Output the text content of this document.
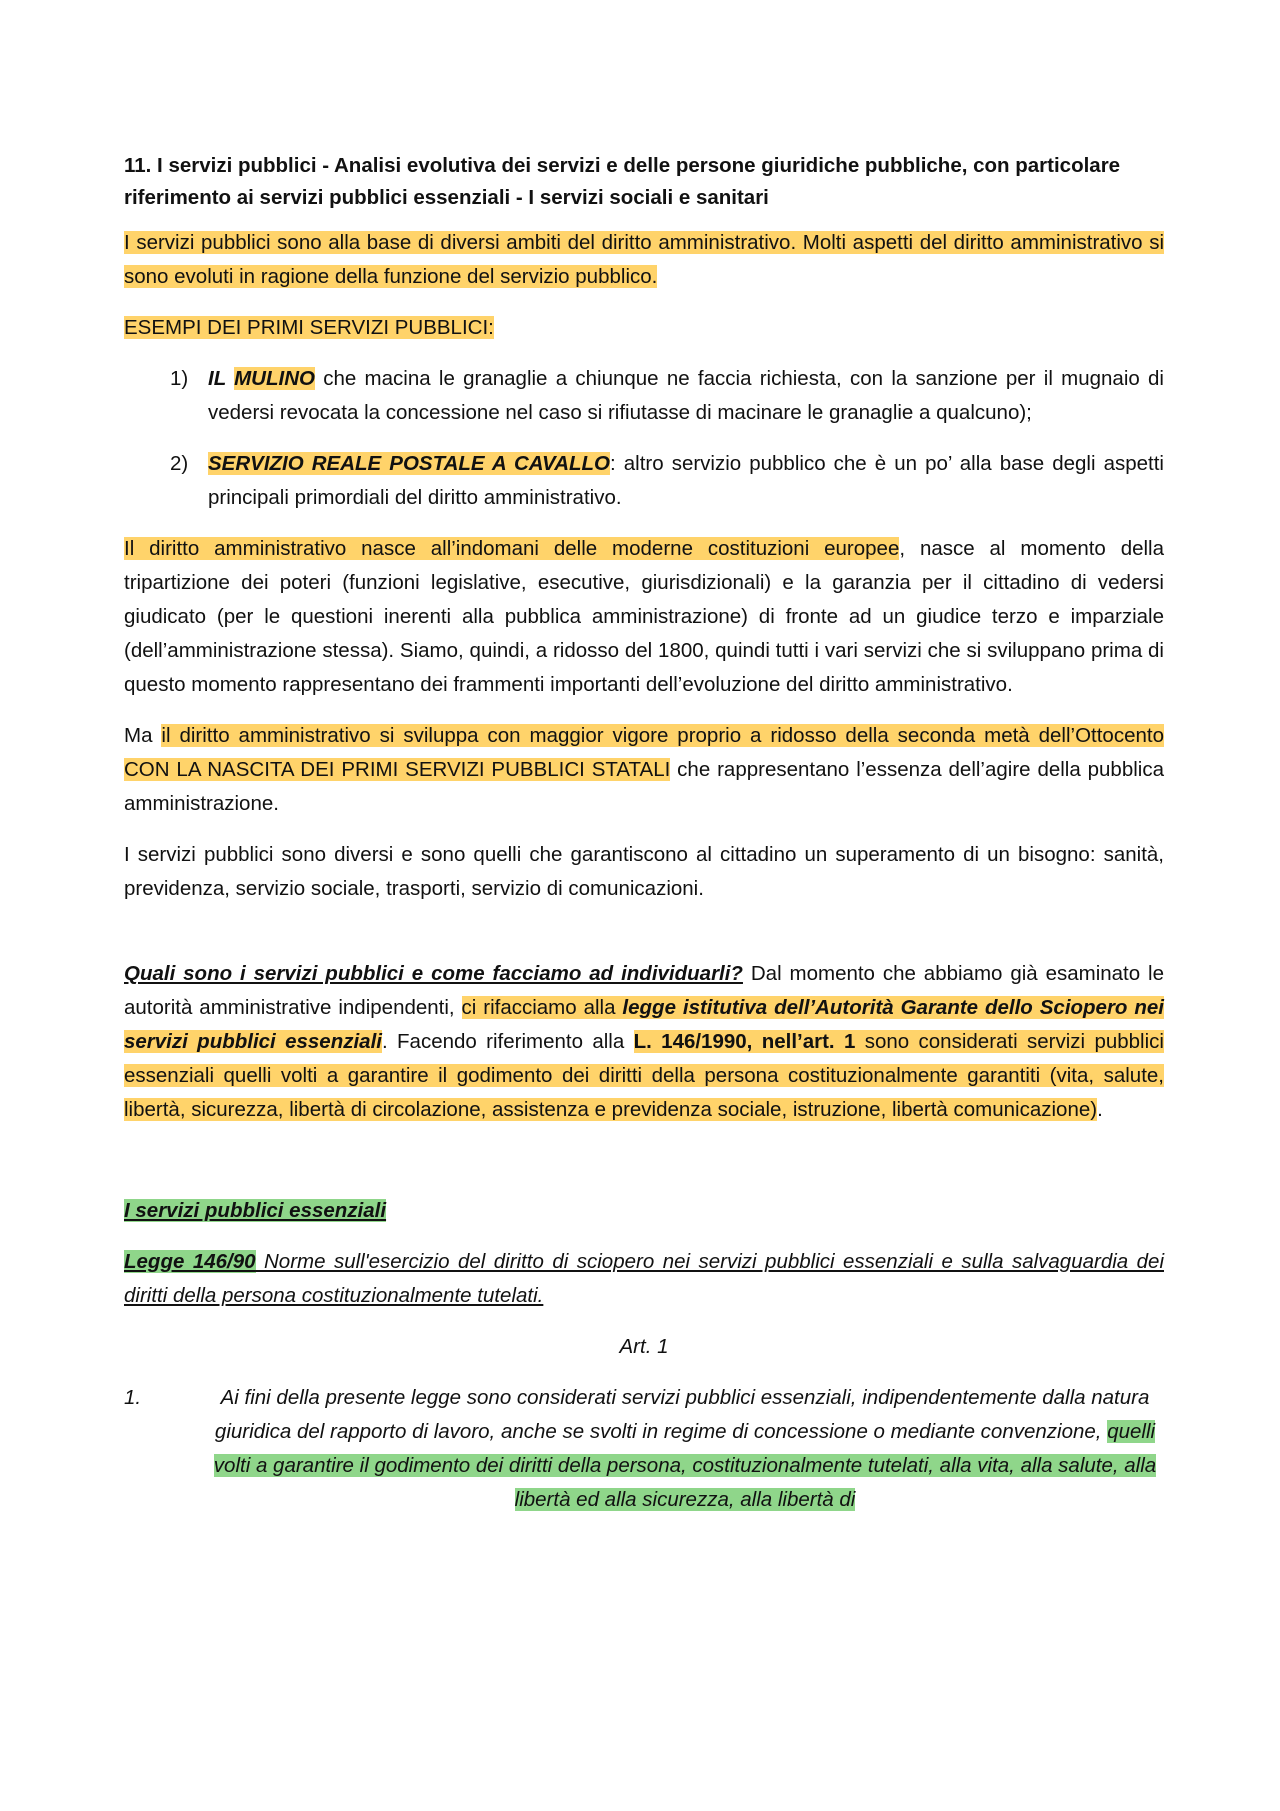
11. I servizi pubblici - Analisi evolutiva dei servizi e delle persone giuridiche pubbliche, con particolare riferimento ai servizi pubblici essenziali - I servizi sociali e sanitari

I servizi pubblici sono alla base di diversi ambiti del diritto amministrativo. Molti aspetti del diritto amministrativo si sono evoluti in ragione della funzione del servizio pubblico.

ESEMPI DEI PRIMI SERVIZI PUBBLICI:

1) IL MULINO che macina le granaglie a chiunque ne faccia richiesta, con la sanzione per il mugnaio di vedersi revocata la concessione nel caso si rifiutasse di macinare le granaglie a qualcuno);
2) SERVIZIO REALE POSTALE A CAVALLO: altro servizio pubblico che è un po’ alla base degli aspetti principali primordiali del diritto amministrativo.

Il diritto amministrativo nasce all’indomani delle moderne costituzioni europee, nasce al momento della tripartizione dei poteri (funzioni legislative, esecutive, giurisdizionali) e la garanzia per il cittadino di vedersi giudicato (per le questioni inerenti alla pubblica amministrazione) di fronte ad un giudice terzo e imparziale (dell’amministrazione stessa). Siamo, quindi, a ridosso del 1800, quindi tutti i vari servizi che si sviluppano prima di questo momento rappresentano dei frammenti importanti dell’evoluzione del diritto amministrativo.

Ma il diritto amministrativo si sviluppa con maggior vigore proprio a ridosso della seconda metà dell’Ottocento CON LA NASCITA DEI PRIMI SERVIZI PUBBLICI STATALI che rappresentano l’essenza dell’agire della pubblica amministrazione.

I servizi pubblici sono diversi e sono quelli che garantiscono al cittadino un superamento di un bisogno: sanità, previdenza, servizio sociale, trasporti, servizio di comunicazioni.

Quali sono i servizi pubblici e come facciamo ad individuarli? Dal momento che abbiamo già esaminato le autorità amministrative indipendenti, ci rifacciamo alla legge istitutiva dell’Autorità Garante dello Sciopero nei servizi pubblici essenziali. Facendo riferimento alla L. 146/1990, nell’art. 1 sono considerati servizi pubblici essenziali quelli volti a garantire il godimento dei diritti della persona costituzionalmente garantiti (vita, salute, libertà, sicurezza, libertà di circolazione, assistenza e previdenza sociale, istruzione, libertà comunicazione).

I servizi pubblici essenziali

Legge 146/90 Norme sull'esercizio del diritto di sciopero nei servizi pubblici essenziali e sulla salvaguardia dei diritti della persona costituzionalmente tutelati.

Art. 1

1.	Ai fini della presente legge sono considerati servizi pubblici essenziali, indipendentemente dalla natura giuridica del rapporto di lavoro, anche se svolti in regime di concessione o mediante convenzione, quelli volti a garantire il godimento dei diritti della persona, costituzionalmente tutelati, alla vita, alla salute, alla libertà ed alla sicurezza, alla libertà di
